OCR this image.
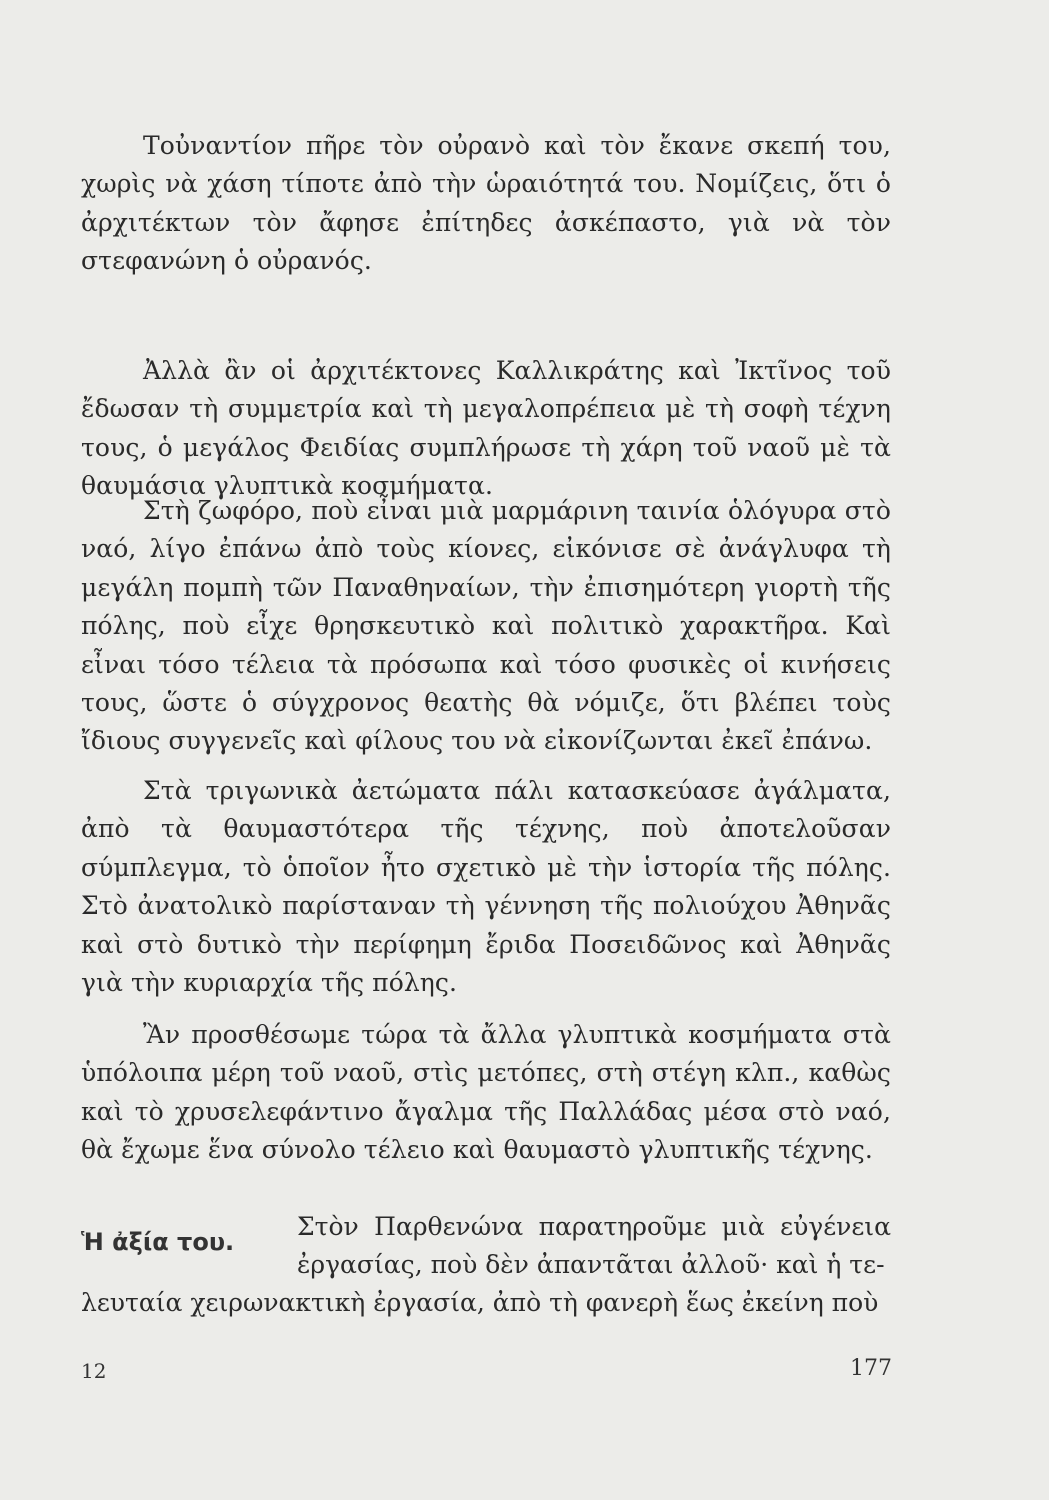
Τοὐναντίον πῆρε τὸν οὐρανὸ καὶ τὸν ἔκανε σκεπή του, χωρὶς νὰ χάση τίποτε ἀπὸ τὴν ὡραιότητά του. Νομίζεις, ὅτι ὁ ἀρχιτέκτων τὸν ἄφησε ἐπίτηδες ἀσκέπαστο, γιὰ νὰ τὸν στεφανώνη ὁ οὐρανός.

Ἀλλὰ ἂν οἱ ἀρχιτέκτονες Καλλικράτης καὶ Ἰκτῖνος τοῦ ἔδωσαν τὴ συμμετρία καὶ τὴ μεγαλοπρέπεια μὲ τὴ σοφὴ τέχνη τους, ὁ μεγάλος Φειδίας συμπλήρωσε τὴ χάρη τοῦ ναοῦ μὲ τὰ θαυμάσια γλυπτικὰ κοσμήματα.

Στὴ ζωφόρο, ποὺ εἶναι μιὰ μαρμάρινη ταινία ὁλόγυρα στὸ ναό, λίγο ἐπάνω ἀπὸ τοὺς κίονες, εἰκόνισε σὲ ἀνάγλυφα τὴ μεγάλη πομπὴ τῶν Παναθηναίων, τὴν ἐπισημότερη γιορτὴ τῆς πόλης, ποὺ εἶχε θρησκευτικὸ καὶ πολιτικὸ χαρακτῆρα. Καὶ εἶναι τόσο τέλεια τὰ πρόσωπα καὶ τόσο φυσικὲς οἱ κινήσεις τους, ὥστε ὁ σύγχρονος θεατὴς θὰ νόμιζε, ὅτι βλέπει τοὺς ἴδιους συγγενεῖς καὶ φίλους του νὰ εἰκονίζωνται ἐκεῖ ἐπάνω.

Στὰ τριγωνικὰ ἀετώματα πάλι κατασκεύασε ἀγάλματα, ἀπὸ τὰ θαυμαστότερα τῆς τέχνης, ποὺ ἀποτελοῦσαν σύμπλεγμα, τὸ ὁποῖον ἦτο σχετικὸ μὲ τὴν ἱστορία τῆς πόλης. Στὸ ἀνατολικὸ παρίσταναν τὴ γέννηση τῆς πολιούχου Ἀθηνᾶς καὶ στὸ δυτικὸ τὴν περίφημη ἔριδα Ποσειδῶνος καὶ Ἀθηνᾶς γιὰ τὴν κυριαρχία τῆς πόλης.

Ἂν προσθέσωμε τώρα τὰ ἄλλα γλυπτικὰ κοσμήματα στὰ ὑπόλοιπα μέρη τοῦ ναοῦ, στὶς μετόπες, στὴ στέγη κλπ., καθὼς καὶ τὸ χρυσελεφάντινο ἄγαλμα τῆς Παλλάδας μέσα στὸ ναό, θὰ ἔχωμε ἕνα σύνολο τέλειο καὶ θαυμαστὸ γλυπτικῆς τέχνης.

Ἡ ἀξία του.

Στὸν Παρθενώνα παρατηροῦμε μιὰ εὐγένεια ἐργασίας, ποὺ δὲν ἀπαντᾶται ἀλλοῦ· καὶ ἡ τε-

λευταία χειρωνακτικὴ ἐργασία, ἀπὸ τὴ φανερὴ ἕως ἐκείνη ποὺ

12	177
